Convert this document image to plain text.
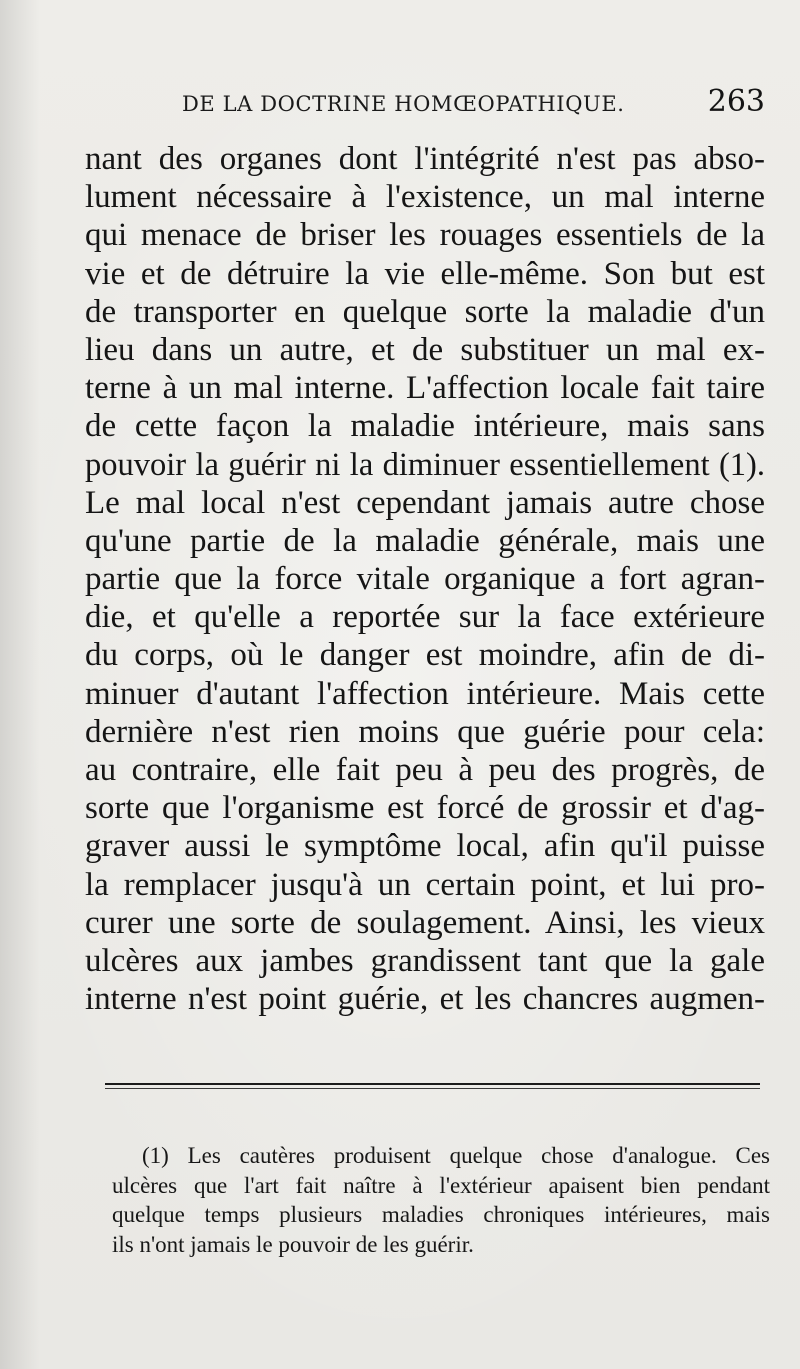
DE LA DOCTRINE HOMŒOPATHIQUE.	263
nant des organes dont l'intégrité n'est pas abso-
lument nécessaire à l'existence, un mal interne
qui menace de briser les rouages essentiels de la
vie et de détruire la vie elle-même. Son but est
de transporter en quelque sorte la maladie d'un
lieu dans un autre, et de substituer un mal ex-
terne à un mal interne. L'affection locale fait taire
de cette façon la maladie intérieure, mais sans
pouvoir la guérir ni la diminuer essentiellement (1).
Le mal local n'est cependant jamais autre chose
qu'une partie de la maladie générale, mais une
partie que la force vitale organique a fort agran-
die, et qu'elle a reportée sur la face extérieure
du corps, où le danger est moindre, afin de di-
minuer d'autant l'affection intérieure. Mais cette
dernière n'est rien moins que guérie pour cela:
au contraire, elle fait peu à peu des progrès, de
sorte que l'organisme est forcé de grossir et d'ag-
graver aussi le symptôme local, afin qu'il puisse
la remplacer jusqu'à un certain point, et lui pro-
curer une sorte de soulagement. Ainsi, les vieux
ulcères aux jambes grandissent tant que la gale
interne n'est point guérie, et les chancres augmen-
(1) Les cautères produisent quelque chose d'analogue. Ces
ulcères que l'art fait naître à l'extérieur apaisent bien pendant
quelque temps plusieurs maladies chroniques intérieures, mais
ils n'ont jamais le pouvoir de les guérir.
